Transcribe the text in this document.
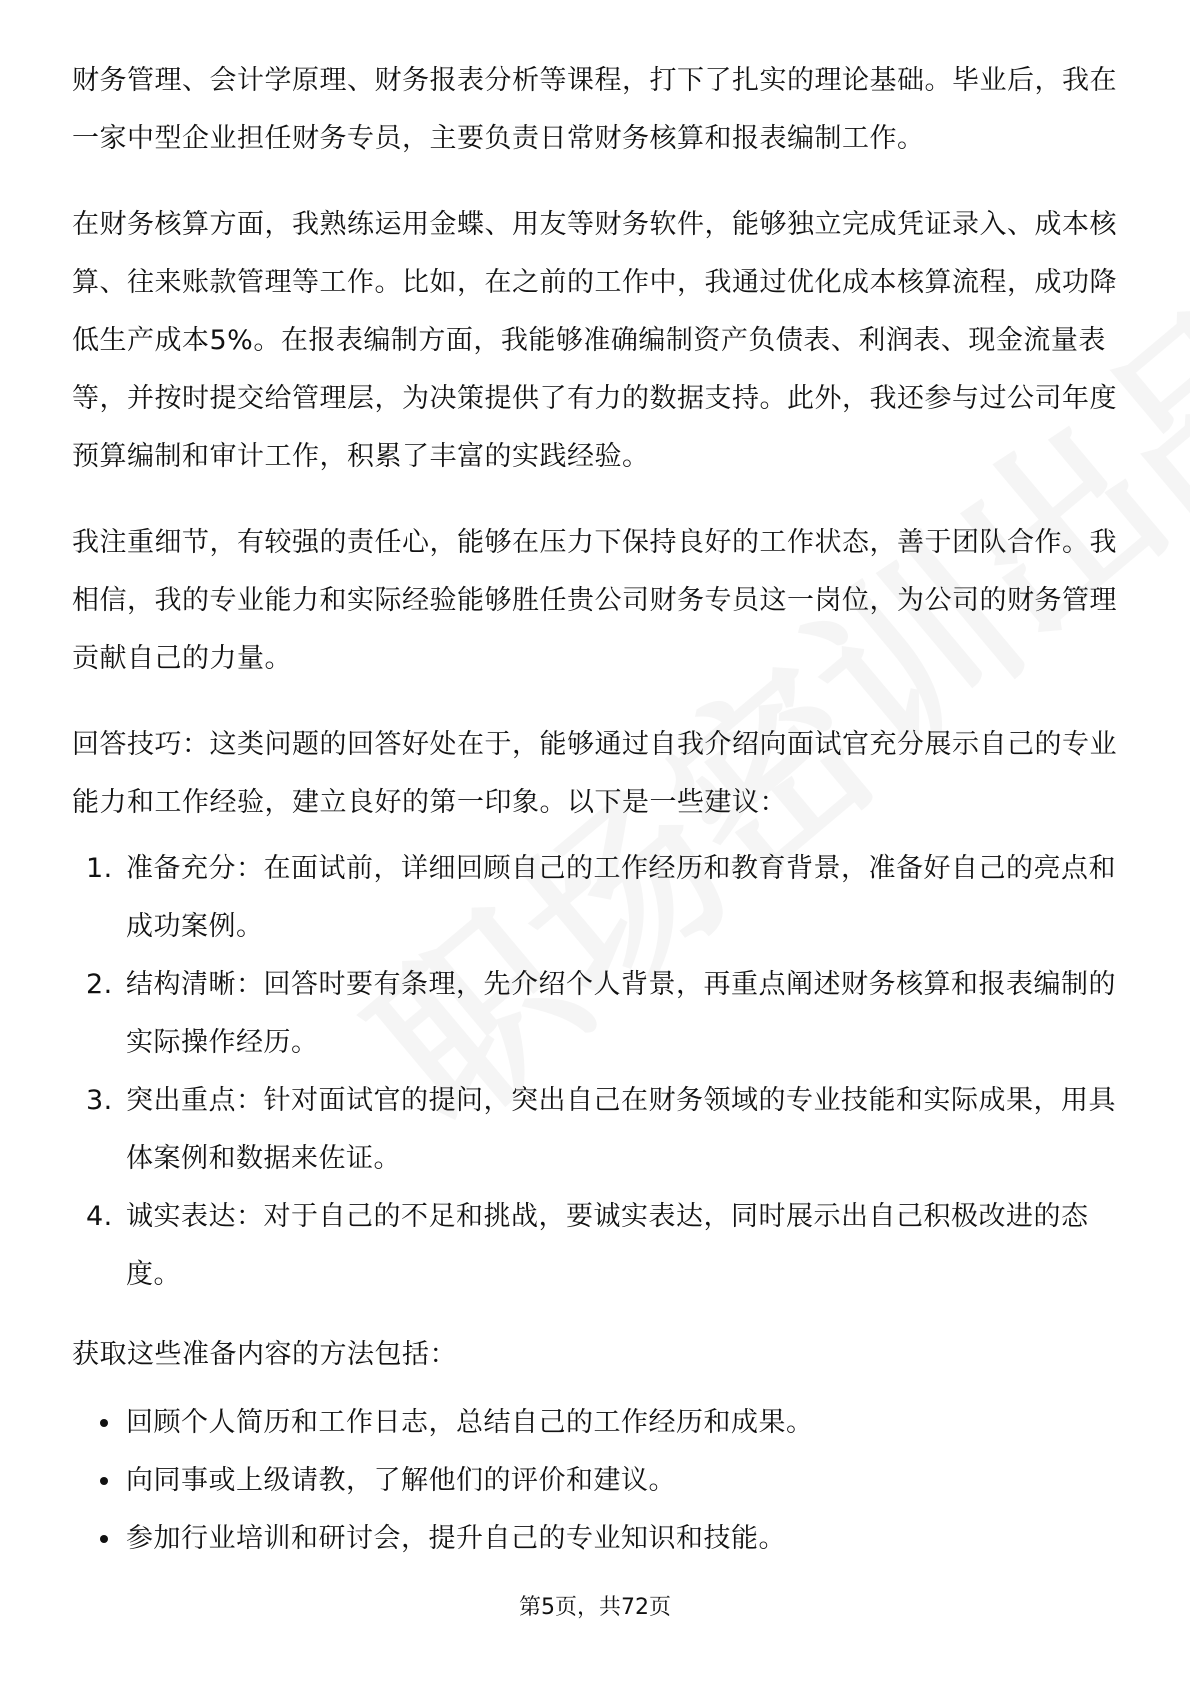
财务管理、会计学原理、财务报表分析等课程，打下了扎实的理论基础。毕业后，我在一家中型企业担任财务专员，主要负责日常财务核算和报表编制工作。

在财务核算方面，我熟练运用金蝶、用友等财务软件，能够独立完成凭证录入、成本核算、往来账款管理等工作。比如，在之前的工作中，我通过优化成本核算流程，成功降低生产成本5%。在报表编制方面，我能够准确编制资产负债表、利润表、现金流量表等，并按时提交给管理层，为决策提供了有力的数据支持。此外，我还参与过公司年度预算编制和审计工作，积累了丰富的实践经验。

我注重细节，有较强的责任心，能够在压力下保持良好的工作状态，善于团队合作。我相信，我的专业能力和实际经验能够胜任贵公司财务专员这一岗位，为公司的财务管理贡献自己的力量。

回答技巧：这类问题的回答好处在于，能够通过自我介绍向面试官充分展示自己的专业能力和工作经验，建立良好的第一印象。以下是一些建议：

1. 准备充分：在面试前，详细回顾自己的工作经历和教育背景，准备好自己的亮点和成功案例。
2. 结构清晰：回答时要有条理，先介绍个人背景，再重点阐述财务核算和报表编制的实际操作经历。
3. 突出重点：针对面试官的提问，突出自己在财务领域的专业技能和实际成果，用具体案例和数据来佐证。
4. 诚实表达：对于自己的不足和挑战，要诚实表达，同时展示出自己积极改进的态度。

获取这些准备内容的方法包括：

回顾个人简历和工作日志，总结自己的工作经历和成果。
向同事或上级请教，了解他们的评价和建议。
参加行业培训和研讨会，提升自己的专业知识和技能。
第5页，共72页
